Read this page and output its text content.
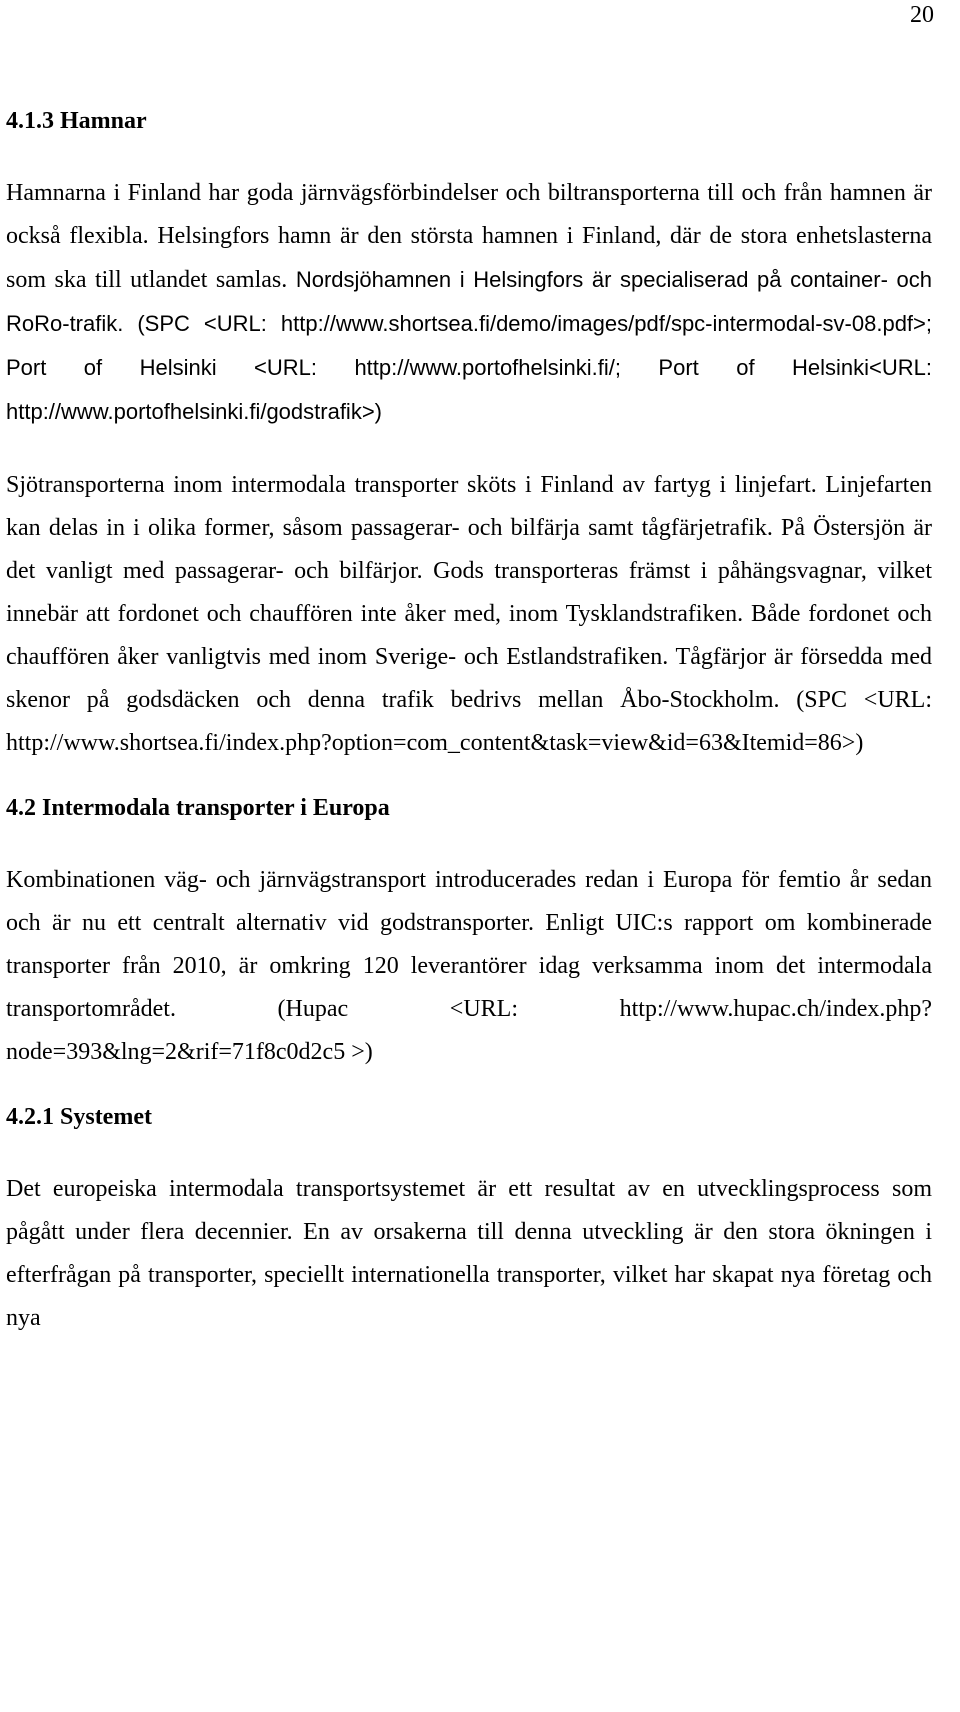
20
4.1.3 Hamnar

Hamnarna i Finland har goda järnvägsförbindelser och biltransporterna till och från hamnen är också flexibla. Helsingfors hamn är den största hamnen i Finland, där de stora enhetslasterna som ska till utlandet samlas. Nordsjöhamnen i Helsingfors är specialiserad på container- och RoRo-trafik. (SPC <URL: http://www.shortsea.fi/demo/images/pdf/spc-intermodal-sv-08.pdf>; Port of Helsinki <URL: http://www.portofhelsinki.fi/; Port of Helsinki<URL: http://www.portofhelsinki.fi/godstrafik>)

Sjötransporterna inom intermodala transporter sköts i Finland av fartyg i linjefart. Linjefarten kan delas in i olika former, såsom passagerar- och bilfärja samt tågfärjetrafik. På Östersjön är det vanligt med passagerar- och bilfärjor. Gods transporteras främst i påhängsvagnar, vilket innebär att fordonet och chauffören inte åker med, inom Tysklandstrafiken. Både fordonet och chauffören åker vanligtvis med inom Sverige- och Estlandstrafiken. Tågfärjor är försedda med skenor på godsdäcken och denna trafik bedrivs mellan Åbo-Stockholm. (SPC <URL: http://www.shortsea.fi/index.php?option=com_content&task=view&id=63&Itemid=86>)

4.2 Intermodala transporter i Europa

Kombinationen väg- och järnvägstransport introducerades redan i Europa för femtio år sedan och är nu ett centralt alternativ vid godstransporter. Enligt UIC:s rapport om kombinerade transporter från 2010, är omkring 120 leverantörer idag verksamma inom det intermodala transportområdet. (Hupac <URL: http://www.hupac.ch/index.php?node=393&lng=2&rif=71f8c0d2c5 >)

4.2.1 Systemet

Det europeiska intermodala transportsystemet är ett resultat av en utvecklingsprocess som pågått under flera decennier. En av orsakerna till denna utveckling är den stora ökningen i efterfrågan på transporter, speciellt internationella transporter, vilket har skapat nya företag och nya
